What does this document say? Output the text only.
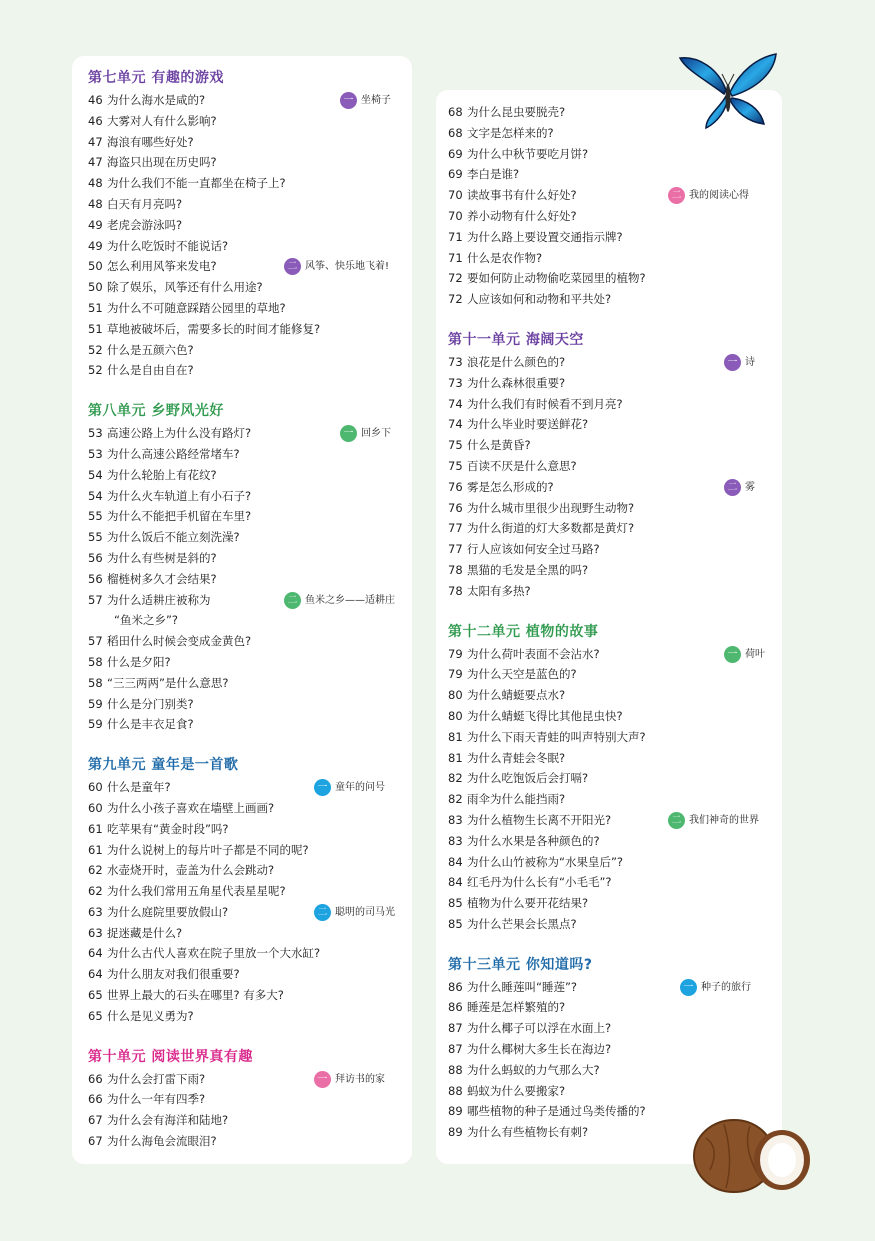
第七单元 有趣的游戏
46 为什么海水是咸的?	一 坐椅子
46 大雾对人有什么影响?
47 海浪有哪些好处?
47 海盗只出现在历史吗?
48 为什么我们不能一直都坐在椅子上?
48 白天有月亮吗?
49 老虎会游泳吗?
49 为什么吃饭时不能说话?
50 怎么利用风筝来发电?	二 风筝、快乐地飞着!
50 除了娱乐，风筝还有什么用途?
51 为什么不可随意踩踏公园里的草地?
51 草地被破坏后，需要多长的时间才能修复?
52 什么是五颜六色?
52 什么是自由自在?
第八单元 乡野风光好
53 高速公路上为什么没有路灯?	一 回乡下
53 为什么高速公路经常堵车?
54 为什么轮胎上有花纹?
54 为什么火车轨道上有小石子?
55 为什么不能把手机留在车里?
55 为什么饭后不能立刻洗澡?
56 为什么有些树是斜的?
56 榴梿树多久才会结果?
57 为什么适耕庄被称为
“鱼米之乡”?
二 鱼米之乡——适耕庄
57 稻田什么时候会变成金黄色?
58 什么是夕阳?
58 “三三两两”是什么意思?
59 什么是分门别类?
59 什么是丰衣足食?
第九单元 童年是一首歌
60 什么是童年?	一 童年的问号
60 为什么小孩子喜欢在墙壁上画画?
61 吃苹果有“黄金时段”吗?
61 为什么说树上的每片叶子都是不同的呢?
62 水壶烧开时，壶盖为什么会跳动?
62 为什么我们常用五角星代表星星呢?
63 为什么庭院里要放假山?	二 聪明的司马光
63 捉迷藏是什么?
64 为什么古代人喜欢在院子里放一个大水缸?
64 为什么朋友对我们很重要?
65 世界上最大的石头在哪里? 有多大?
65 什么是见义勇为?
第十单元 阅读世界真有趣
66 为什么会打雷下雨?	一 拜访书的家
66 为什么一年有四季?
67 为什么会有海洋和陆地?
67 为什么海龟会流眼泪?
68 为什么昆虫要脱壳?
68 文字是怎样来的?
69 为什么中秋节要吃月饼?
69 李白是谁?
70 读故事书有什么好处?	二 我的阅读心得
70 养小动物有什么好处?
71 为什么路上要设置交通指示牌?
71 什么是农作物?
72 要如何防止动物偷吃菜园里的植物?
72 人应该如何和动物和平共处?
第十一单元 海阔天空
73 浪花是什么颜色的?	一 诗
73 为什么森林很重要?
74 为什么我们有时候看不到月亮?
74 为什么毕业时要送鲜花?
75 什么是黄昏?
75 百读不厌是什么意思?
76 雾是怎么形成的?	二 雾
76 为什么城市里很少出现野生动物?
77 为什么街道的灯大多数都是黄灯?
77 行人应该如何安全过马路?
78 黑猫的毛发是全黑的吗?
78 太阳有多热?
第十二单元 植物的故事
79 为什么荷叶表面不会沾水?	一 荷叶
79 为什么天空是蓝色的?
80 为什么蜻蜓要点水?
80 为什么蜻蜓飞得比其他昆虫快?
81 为什么下雨天青蛙的叫声特别大声?
81 为什么青蛙会冬眠?
82 为什么吃饱饭后会打嗝?
82 雨伞为什么能挡雨?
83 为什么植物生长离不开阳光?	二 我们神奇的世界
83 为什么水果是各种颜色的?
84 为什么山竹被称为“水果皇后”?
84 红毛丹为什么长有“小毛毛”?
85 植物为什么要开花结果?
85 为什么芒果会长黑点?
第十三单元 你知道吗?
86 为什么睡莲叫“睡莲”?	一 种子的旅行
86 睡莲是怎样繁殖的?
87 为什么椰子可以浮在水面上?
87 为什么椰树大多生长在海边?
88 为什么蚂蚁的力气那么大?
88 蚂蚁为什么要搬家?
89 哪些植物的种子是通过鸟类传播的?
89 为什么有些植物长有刺?
